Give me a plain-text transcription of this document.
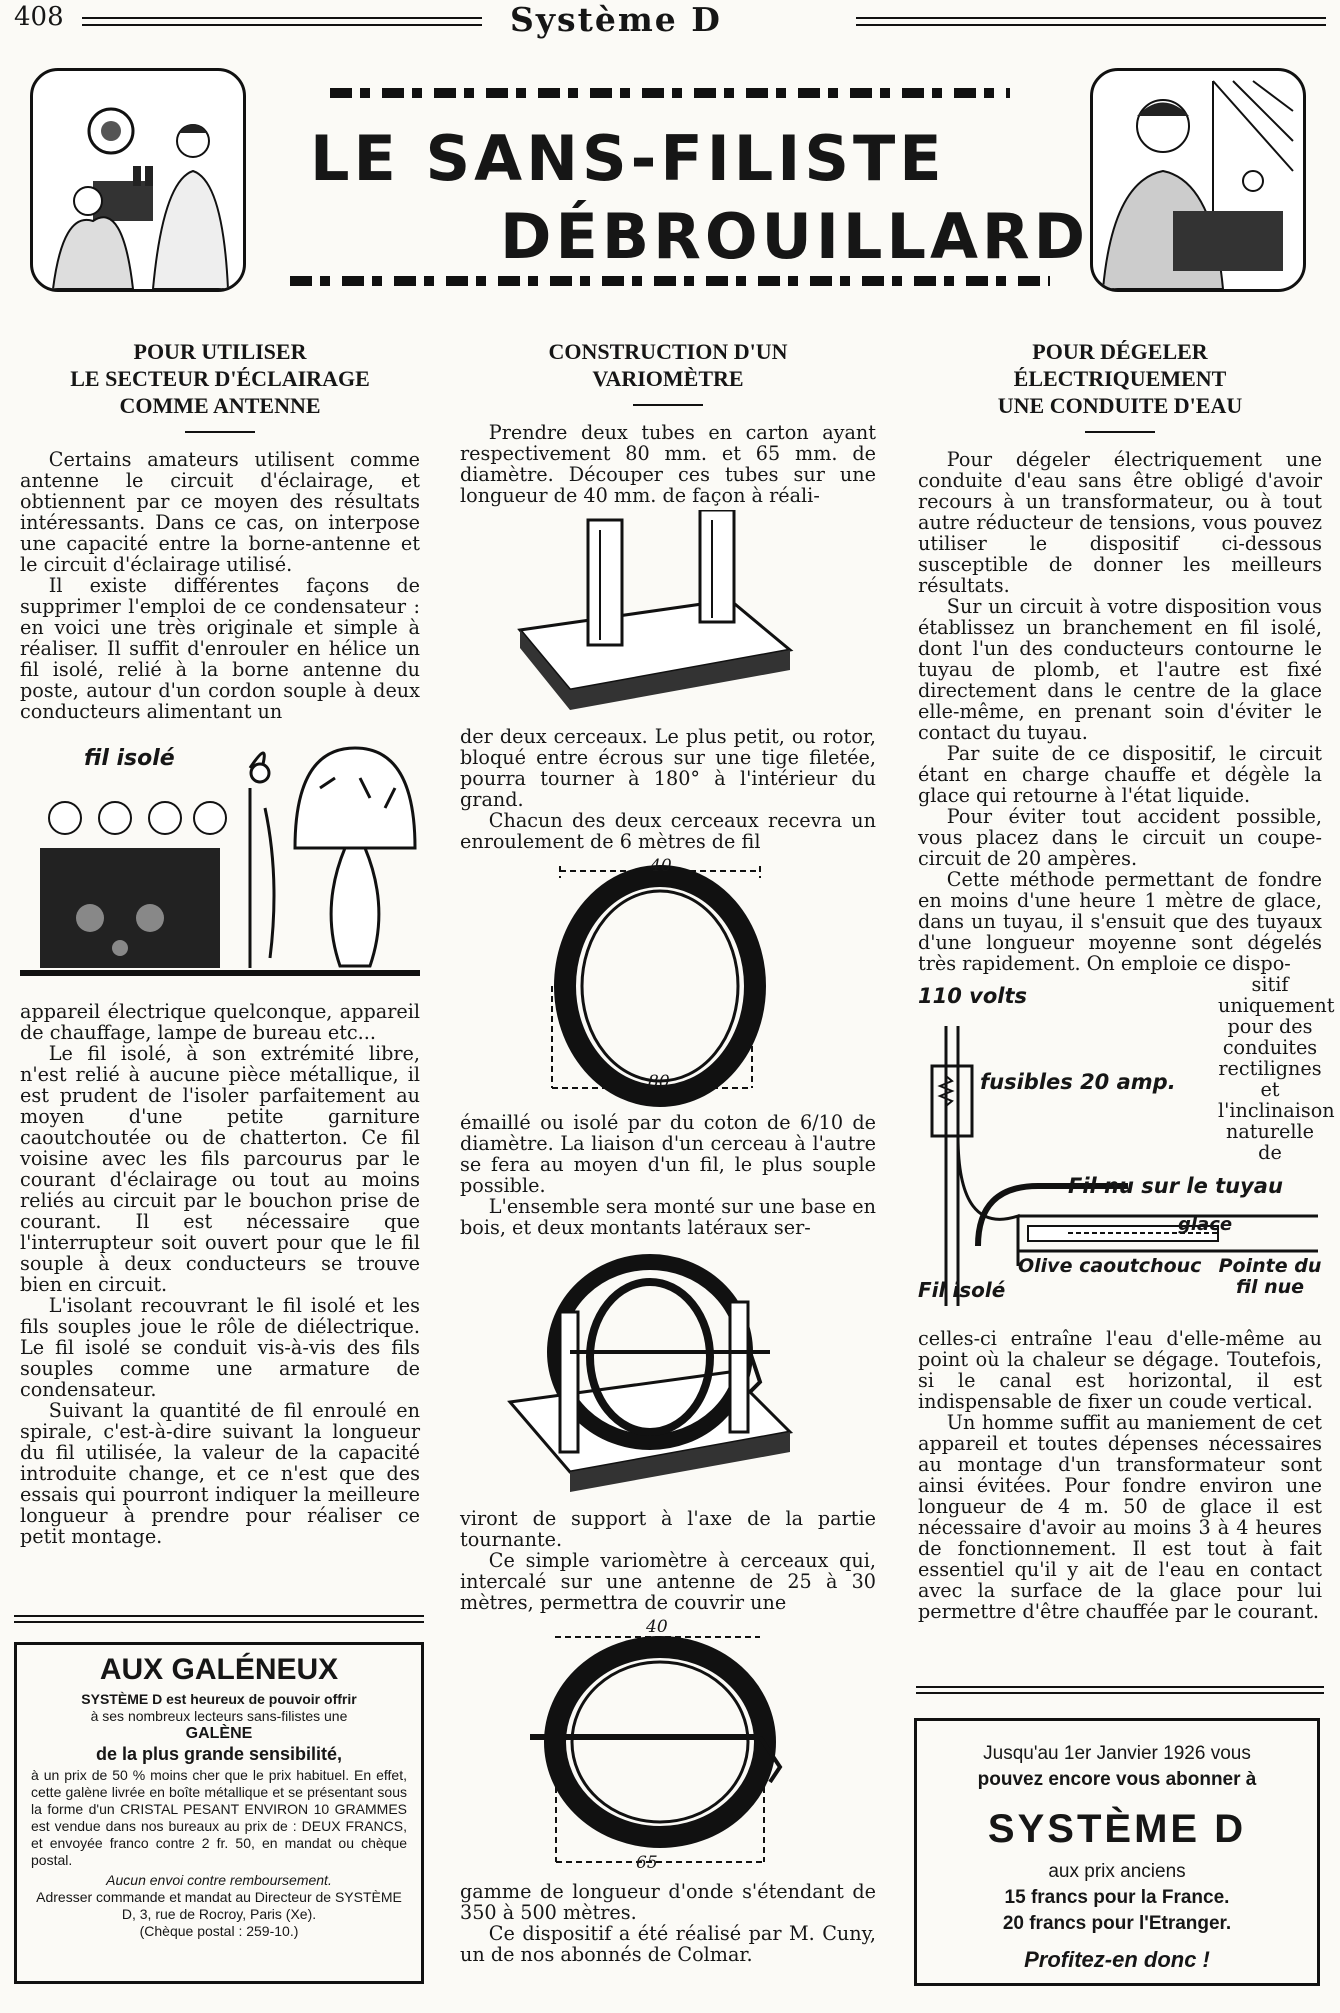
408	Système D
LE SANS-FILISTE
DÉBROUILLARD
POUR UTILISER
LE SECTEUR D'ÉCLAIRAGE
COMME ANTENNE

Certains amateurs utilisent comme antenne le circuit d'éclairage, et obtiennent par ce moyen des résultats intéressants. Dans ce cas, on interpose une capacité entre la borne-antenne et le circuit d'éclairage utilisé.

Il existe différentes façons de supprimer l'emploi de ce condensateur : en voici une très originale et simple à réaliser. Il suffit d'enrouler en hélice un fil isolé, relié à la borne antenne du poste, autour d'un cordon souple à deux conducteurs alimentant un

fil isolé

appareil électrique quelconque, appareil de chauffage, lampe de bureau etc...

Le fil isolé, à son extrémité libre, n'est relié à aucune pièce métallique, il est prudent de l'isoler parfaitement au moyen d'une petite garniture caoutchoutée ou de chatterton. Ce fil voisine avec les fils parcourus par le courant d'éclairage ou tout au moins reliés au circuit par le bouchon prise de courant. Il est nécessaire que l'interrupteur soit ouvert pour que le fil souple à deux conducteurs se trouve bien en circuit.

L'isolant recouvrant le fil isolé et les fils souples joue le rôle de diélectrique. Le fil isolé se conduit vis-à-vis des fils souples comme une armature de condensateur.

Suivant la quantité de fil enroulé en spirale, c'est-à-dire suivant la longueur du fil utilisée, la valeur de la capacité introduite change, et ce n'est que des essais qui pourront indiquer la meilleure longueur à prendre pour réaliser ce petit montage.

AUX GALÉNEUX
SYSTÈME D est heureux de pouvoir offrir
à ses nombreux lecteurs sans-filistes une
GALÈNE
de la plus grande sensibilité,
à un prix de 50 % moins cher que le prix habituel. En effet, cette galène livrée en boîte métallique et se présentant sous la forme d'un CRISTAL PESANT ENVIRON 10 GRAMMES est vendue dans nos bureaux au prix de : DEUX FRANCS, et envoyée franco contre 2 fr. 50, en mandat ou chèque postal.
Aucun envoi contre remboursement.
Adresser commande et mandat au Directeur de SYSTÈME D, 3, rue de Rocroy, Paris (Xe).
(Chèque postal : 259-10.)
CONSTRUCTION D'UN
VARIOMÈTRE

Prendre deux tubes en carton ayant respectivement 80 mm. et 65 mm. de diamètre. Découper ces tubes sur une longueur de 40 mm. de façon à réali-

der deux cerceaux. Le plus petit, ou rotor, bloqué entre écrous sur une tige filetée, pourra tourner à 180° à l'intérieur du grand.

Chacun des deux cerceaux recevra un enroulement de 6 mètres de fil

40
80

émaillé ou isolé par du coton de 6/10 de diamètre. La liaison d'un cerceau à l'autre se fera au moyen d'un fil, le plus souple possible.

L'ensemble sera monté sur une base en bois, et deux montants latéraux ser-

viront de support à l'axe de la partie tournante.

Ce simple variomètre à cerceaux qui, intercalé sur une antenne de 25 à 30 mètres, permettra de couvrir une

40
65

gamme de longueur d'onde s'étendant de 350 à 500 mètres.

Ce dispositif a été réalisé par M. Cuny, un de nos abonnés de Colmar.

POUR DÉGELER
ÉLECTRIQUEMENT
UNE CONDUITE D'EAU

Pour dégeler électriquement une conduite d'eau sans être obligé d'avoir recours à un transformateur, ou à tout autre réducteur de tensions, vous pouvez utiliser le dispositif ci-dessous susceptible de donner les meilleurs résultats.

Sur un circuit à votre disposition vous établissez un branchement en fil isolé, dont l'un des conducteurs contourne le tuyau de plomb, et l'autre est fixé directement dans le centre de la glace elle-même, en prenant soin d'éviter le contact du tuyau.

Par suite de ce dispositif, le circuit étant en charge chauffe et dégèle la glace qui retourne à l'état liquide.

Pour éviter tout accident possible, vous placez dans le circuit un coupe-circuit de 20 ampères.

Cette méthode permettant de fondre en moins d'une heure 1 mètre de glace, dans un tuyau, il s'ensuit que des tuyaux d'une longueur moyenne sont dégelés très rapidement. On emploie ce dispo-

110 volts
fusibles 20 amp.
sitif uniquement pour des conduites rectilignes et l'inclinaison naturelle de
Fil nu sur le tuyau
glace
Olive caoutchouc Pointe du fil nue
Fil isolé

celles-ci entraîne l'eau d'elle-même au point où la chaleur se dégage. Toutefois, si le canal est horizontal, il est indispensable de fixer un coude vertical.

Un homme suffit au maniement de cet appareil et toutes dépenses nécessaires au montage d'un transformateur sont ainsi évitées. Pour fondre environ une longueur de 4 m. 50 de glace il est nécessaire d'avoir au moins 3 à 4 heures de fonctionnement. Il est tout à fait essentiel qu'il y ait de l'eau en contact avec la surface de la glace pour lui permettre d'être chauffée par le courant.

Jusqu'au 1er Janvier 1926 vous
pouvez encore vous abonner à
SYSTÈME D
aux prix anciens
15 francs pour la France.
20 francs pour l'Etranger.
Profitez-en donc !
